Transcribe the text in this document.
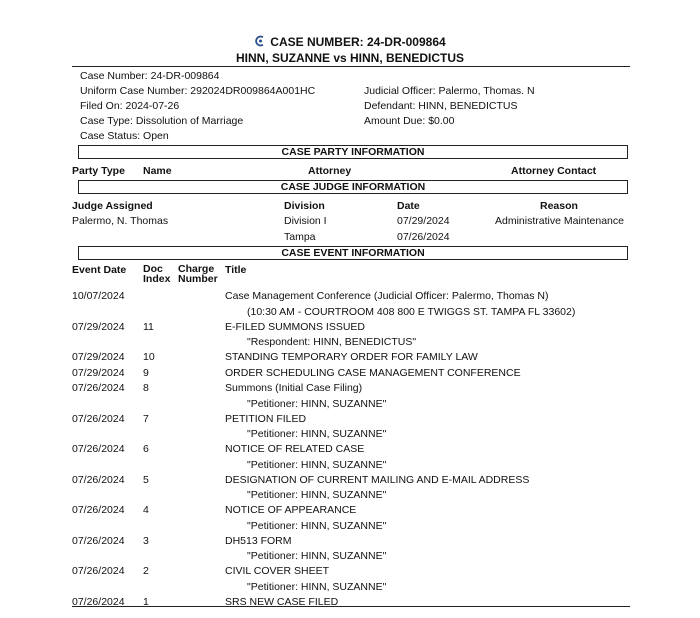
CASE NUMBER: 24-DR-009864
HINN, SUZANNE vs HINN, BENEDICTUS
Case Number: 24-DR-009864
Uniform Case Number: 292024DR009864A001HC
Filed On: 2024-07-26
Case Type: Dissolution of Marriage
Case Status: Open
Judicial Officer: Palermo, Thomas. N
Defendant: HINN, BENEDICTUS
Amount Due: $0.00
CASE PARTY INFORMATION
Party Type Name	Attorney	Attorney Contact
CASE JUDGE INFORMATION
Judge Assigned	Division	Date	Reason
Palermo, N. Thomas	Division I	07/29/2024	Administrative Maintenance
Tampa	07/26/2024
CASE EVENT INFORMATION
Event Date Doc
Index
Charge
Number
Title
10/07/2024	Case Management Conference (Judicial Officer: Palermo, Thomas N)
(10:30 AM - COURTROOM 408 800 E TWIGGS ST. TAMPA FL 33602)
07/29/2024 11	E-FILED SUMMONS ISSUED
"Respondent: HINN, BENEDICTUS"
07/29/2024 10	STANDING TEMPORARY ORDER FOR FAMILY LAW
07/29/2024 9	ORDER SCHEDULING CASE MANAGEMENT CONFERENCE
07/26/2024 8	Summons (Initial Case Filing)
"Petitioner: HINN, SUZANNE"
07/26/2024 7	PETITION FILED
"Petitioner: HINN, SUZANNE"
07/26/2024 6	NOTICE OF RELATED CASE
"Petitioner: HINN, SUZANNE"
07/26/2024 5	DESIGNATION OF CURRENT MAILING AND E-MAIL ADDRESS
"Petitioner: HINN, SUZANNE"
07/26/2024 4	NOTICE OF APPEARANCE
"Petitioner: HINN, SUZANNE"
07/26/2024 3	DH513 FORM
"Petitioner: HINN, SUZANNE"
07/26/2024 2	CIVIL COVER SHEET
"Petitioner: HINN, SUZANNE"
07/26/2024 1	SRS NEW CASE FILED
